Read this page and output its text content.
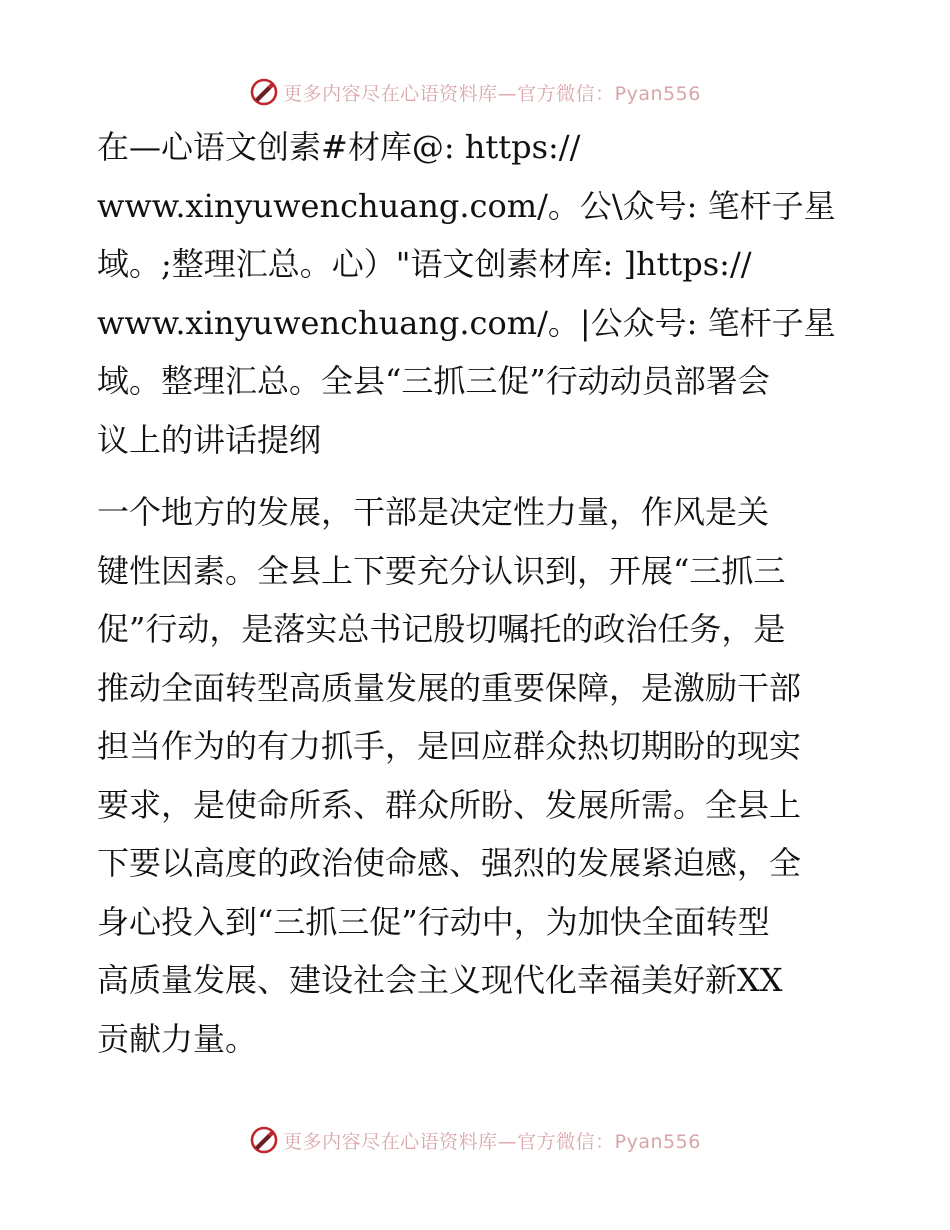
更多内容尽在心语资料库—官方微信：Pyan556
在—心语文创素#材库@: https://
www.xinyuwenchuang.com/。公\众号: 笔杆子星
域。;整理汇总。心）"语文创素材库: ]https://
www.xinyuwenchuang.com/。|公众号: 笔杆子星
域。整理汇总。全县“三抓三促”行动动员部署会
议上的讲话提纲
一个地方的发展，干部是决定性力量，作风是关
键性因素。全县上下要充分认识到，开展“三抓三
促”行动，是落实总书记殷切嘱托的政治任务，是
推动全面转型高质量发展的重要保障，是激励干部
担当作为的有力抓手，是回应群众热切期盼的现实
要求，是使命所系、群众所盼、发展所需。全县上
下要以高度的政治使命感、强烈的发展紧迫感，全
身心投入到“三抓三促”行动中，为加快全面转型
高质量发展、建设社会主义现代化幸福美好新XX
贡献力量。
更多内容尽在心语资料库—官方微信：Pyan556
